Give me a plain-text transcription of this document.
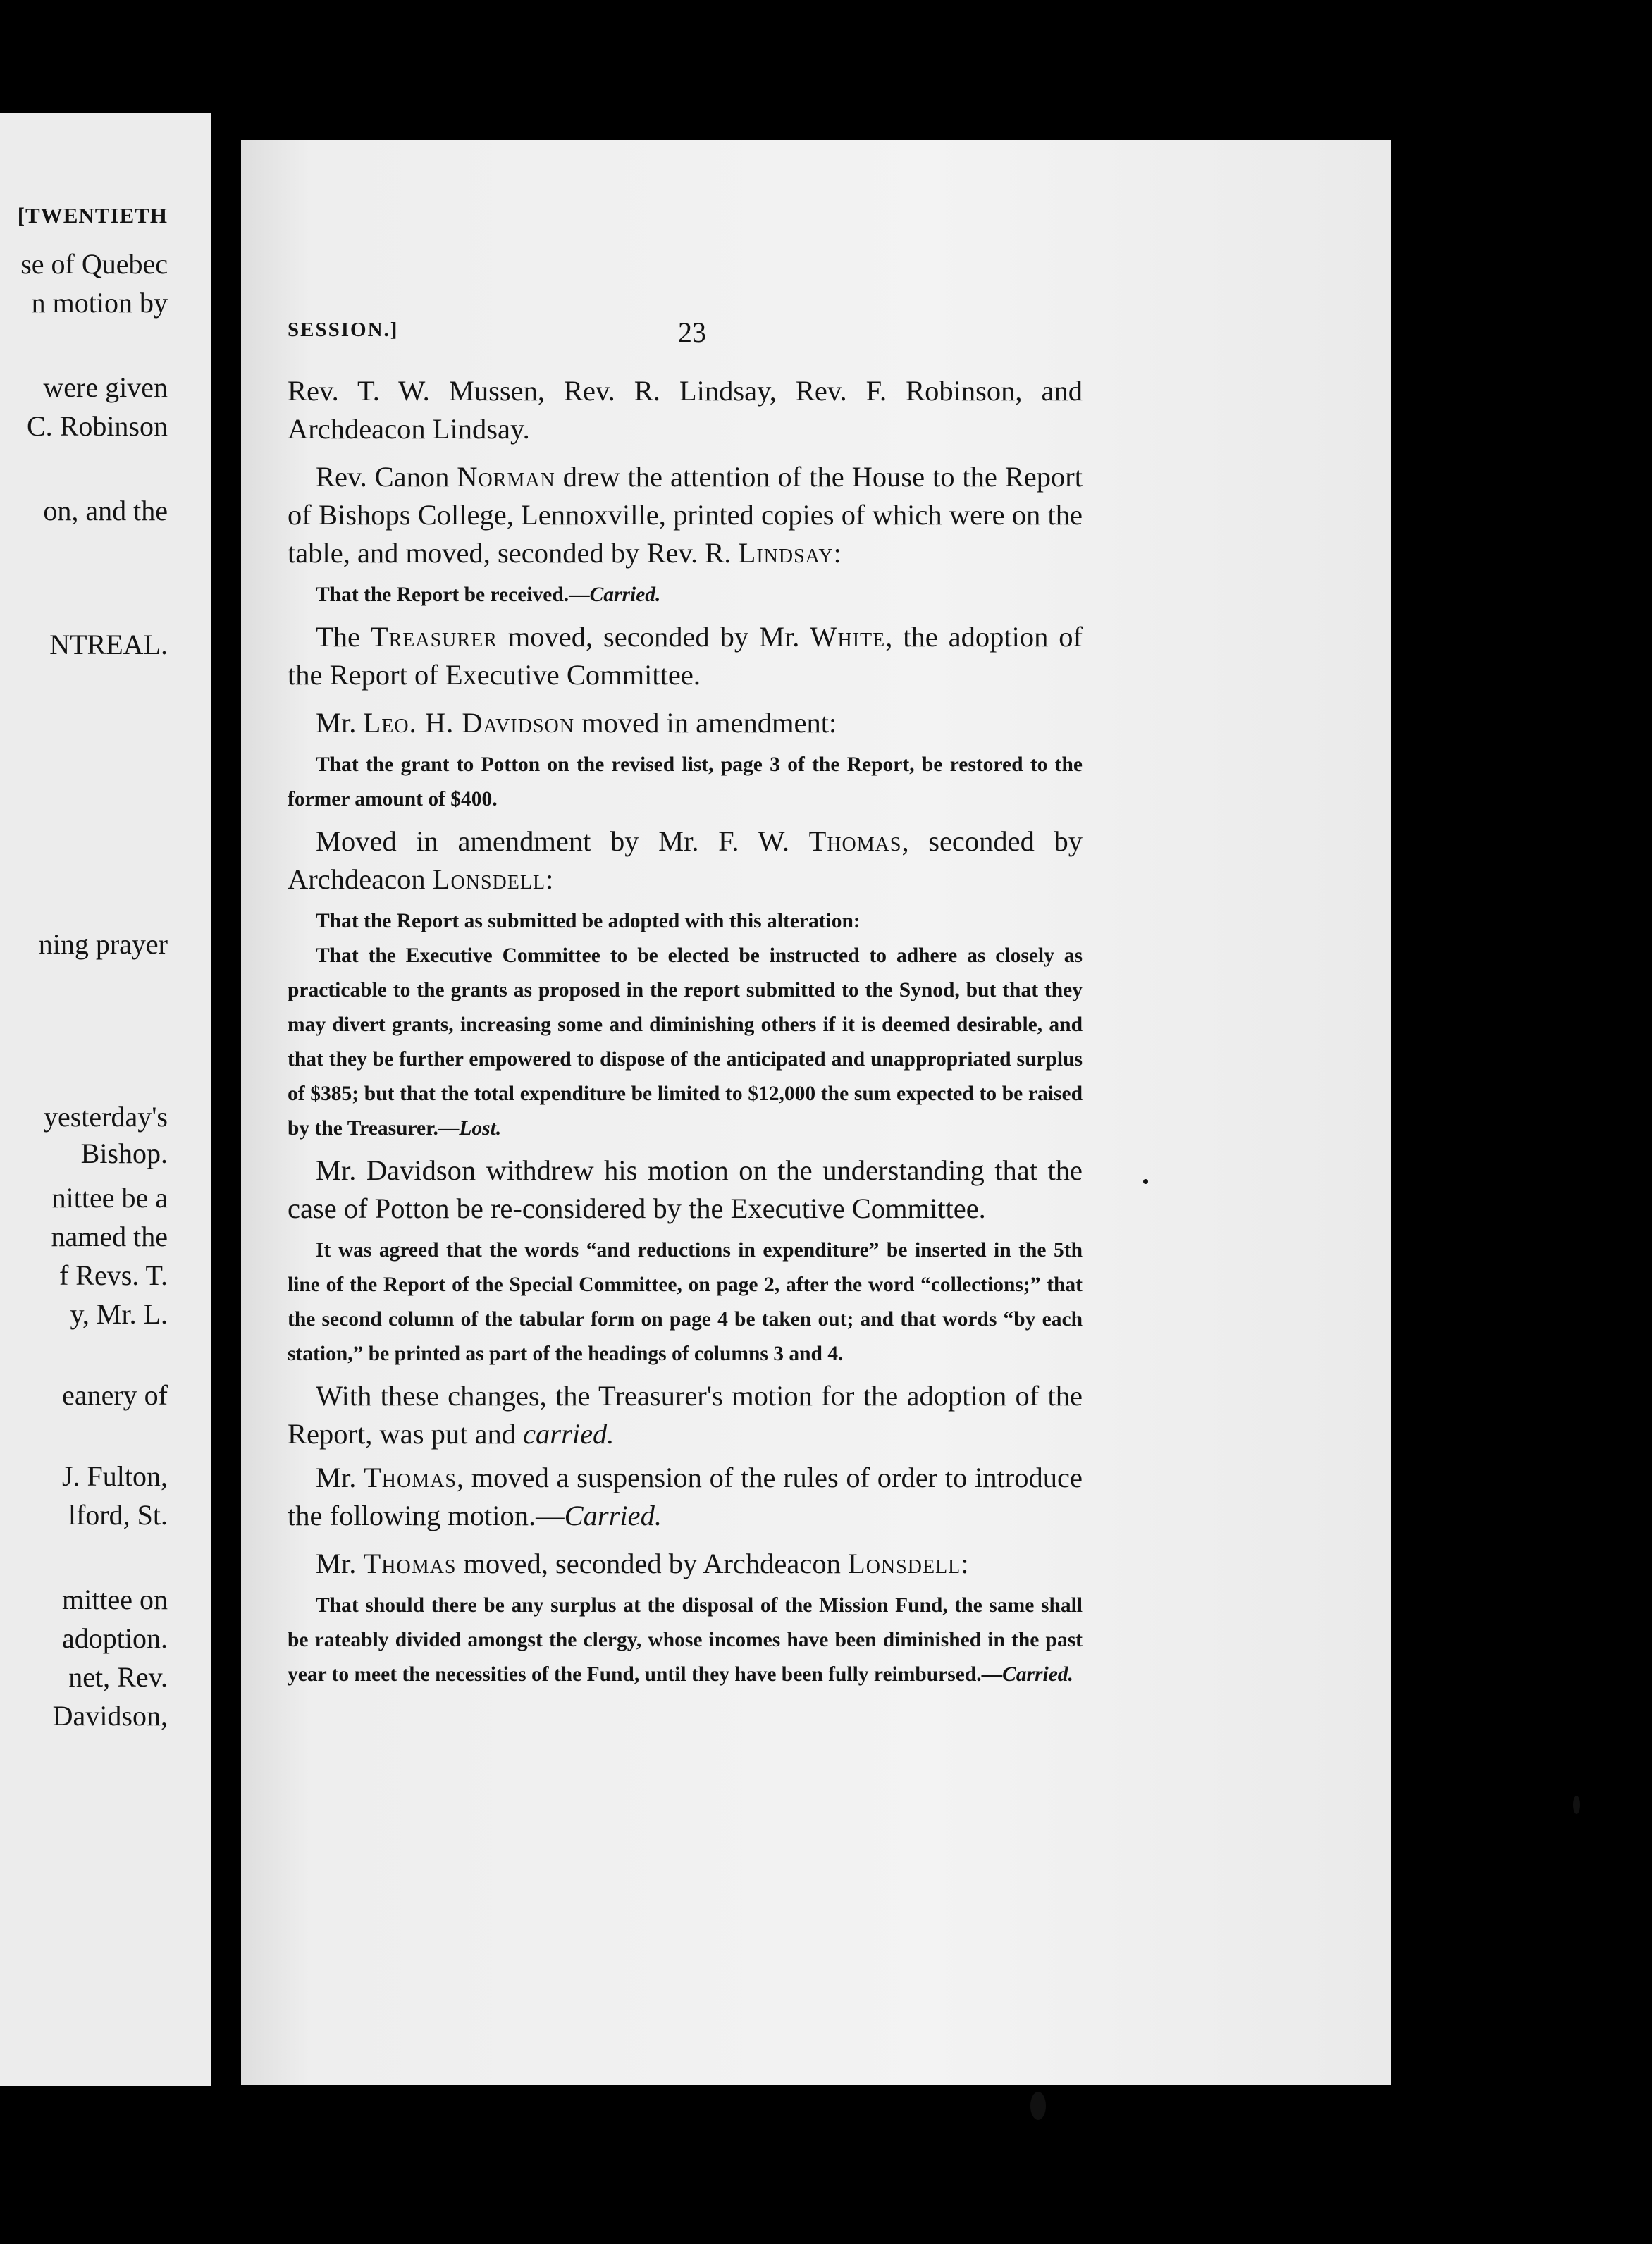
[TWENTIETH
se of Quebec
n motion by
were given
C. Robinson
on, and the
NTREAL.
ning prayer
yesterday's
Bishop.
nittee be a
named the
f Revs. T.
y, Mr. L.
eanery of
J. Fulton,
lford, St.
mittee on
adoption.
net, Rev.
Davidson,
SESSION.]	23

Rev. T. W. Mussen, Rev. R. Lindsay, Rev. F. Robinson, and Archdeacon Lindsay.

Rev. Canon Norman drew the attention of the House to the Report of Bishops College, Lennoxville, printed copies of which were on the table, and moved, seconded by Rev. R. Lindsay:

That the Report be received.—Carried.

The Treasurer moved, seconded by Mr. White, the adoption of the Report of Executive Committee.

Mr. Leo. H. Davidson moved in amendment:

That the grant to Potton on the revised list, page 3 of the Report, be restored to the former amount of $400.

Moved in amendment by Mr. F. W. Thomas, seconded by Archdeacon Lonsdell:

That the Report as submitted be adopted with this alteration:

That the Executive Committee to be elected be instructed to adhere as closely as practicable to the grants as proposed in the report submitted to the Synod, but that they may divert grants, increasing some and diminishing others if it is deemed desirable, and that they be further empowered to dispose of the anticipated and unappropriated surplus of $385; but that the total expenditure be limited to $12,000 the sum expected to be raised by the Treasurer.—Lost.

Mr. Davidson withdrew his motion on the understanding that the case of Potton be re-considered by the Executive Committee.

It was agreed that the words “and reductions in expenditure” be inserted in the 5th line of the Report of the Special Committee, on page 2, after the word “collections;” that the second column of the tabular form on page 4 be taken out; and that words “by each station,” be printed as part of the headings of columns 3 and 4.

With these changes, the Treasurer's motion for the adoption of the Report, was put and carried.

Mr. Thomas, moved a suspension of the rules of order to introduce the following motion.—Carried.

Mr. Thomas moved, seconded by Archdeacon Lonsdell:

That should there be any surplus at the disposal of the Mission Fund, the same shall be rateably divided amongst the clergy, whose incomes have been diminished in the past year to meet the necessities of the Fund, until they have been fully reimbursed.—Carried.
